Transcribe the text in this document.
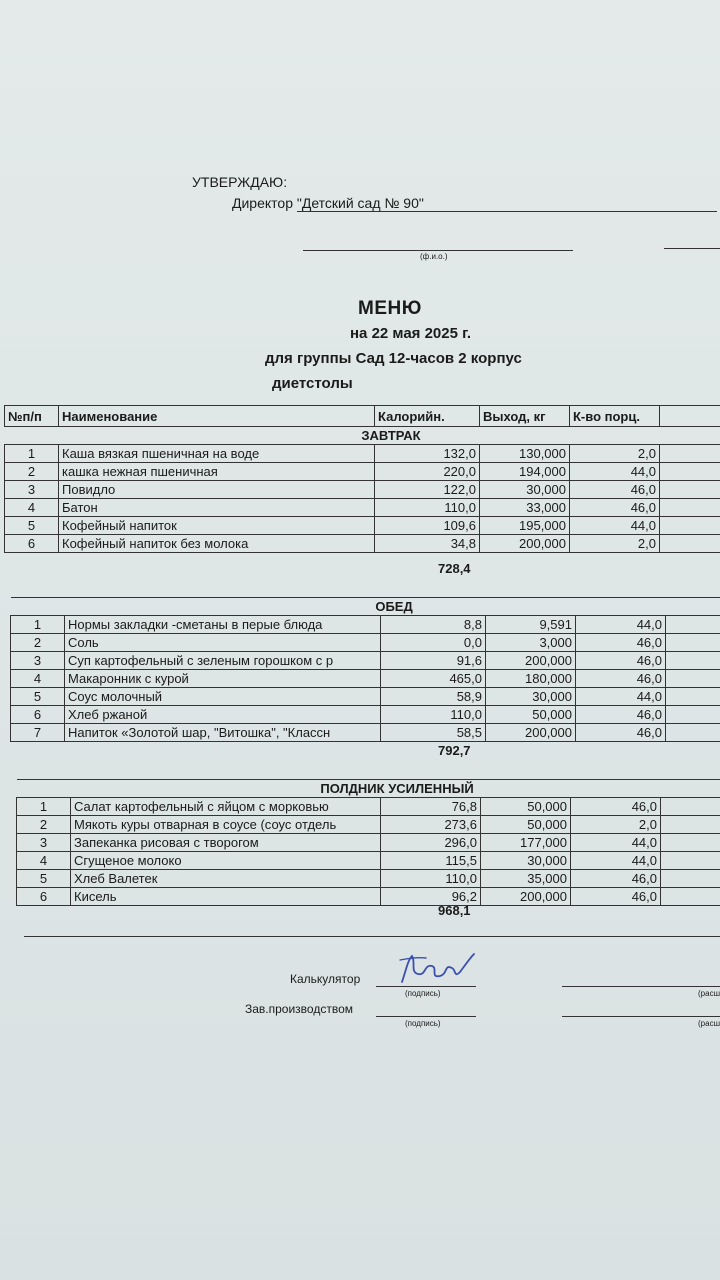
УТВЕРЖДАЮ:
Директор "Детский сад № 90"
(ф.и.о.)
МЕНЮ
на 22 мая 2025 г.
для группы Сад 12-часов 2 корпус
диетстолы
№п/п	Наименование	Калорийн.	Выход, кг	К-во порц.	
ЗАВТРАК					
1	Каша вязкая пшеничная на воде	132,0	130,000	2,0	
2	кашка нежная пшеничная	220,0	194,000	44,0	
3	Повидло	122,0	30,000	46,0	
4	Батон	110,0	33,000	46,0	
5	Кофейный напиток	109,6	195,000	44,0	
6	Кофейный напиток без молока	34,8	200,000	2,0	
728,4
ОБЕД					
1	Нормы закладки -сметаны в перые блюда	8,8	9,591	44,0	
2	Соль	0,0	3,000	46,0	
3	Суп картофельный с зеленым горошком с р	91,6	200,000	46,0	
4	Макаронник с курой	465,0	180,000	46,0	
5	Соус молочный	58,9	30,000	44,0	
6	Хлеб ржаной	110,0	50,000	46,0	
7	Напиток «Золотой шар, "Витошка", "Классн	58,5	200,000	46,0	
792,7
ПОЛДНИК УСИЛЕННЫЙ					
1	Салат картофельный с яйцом с морковью	76,8	50,000	46,0	
2	Мякоть куры отварная в соусе (соус отдель	273,6	50,000	2,0	
3	Запеканка рисовая с творогом	296,0	177,000	44,0	
4	Сгущеное молоко	115,5	30,000	44,0	
5	Хлеб Валетек	110,0	35,000	46,0	
6	Кисель	96,2	200,000	46,0	
968,1
Калькулятор
(подпись)	(расш
Зав.производством
(подпись)	(расш
